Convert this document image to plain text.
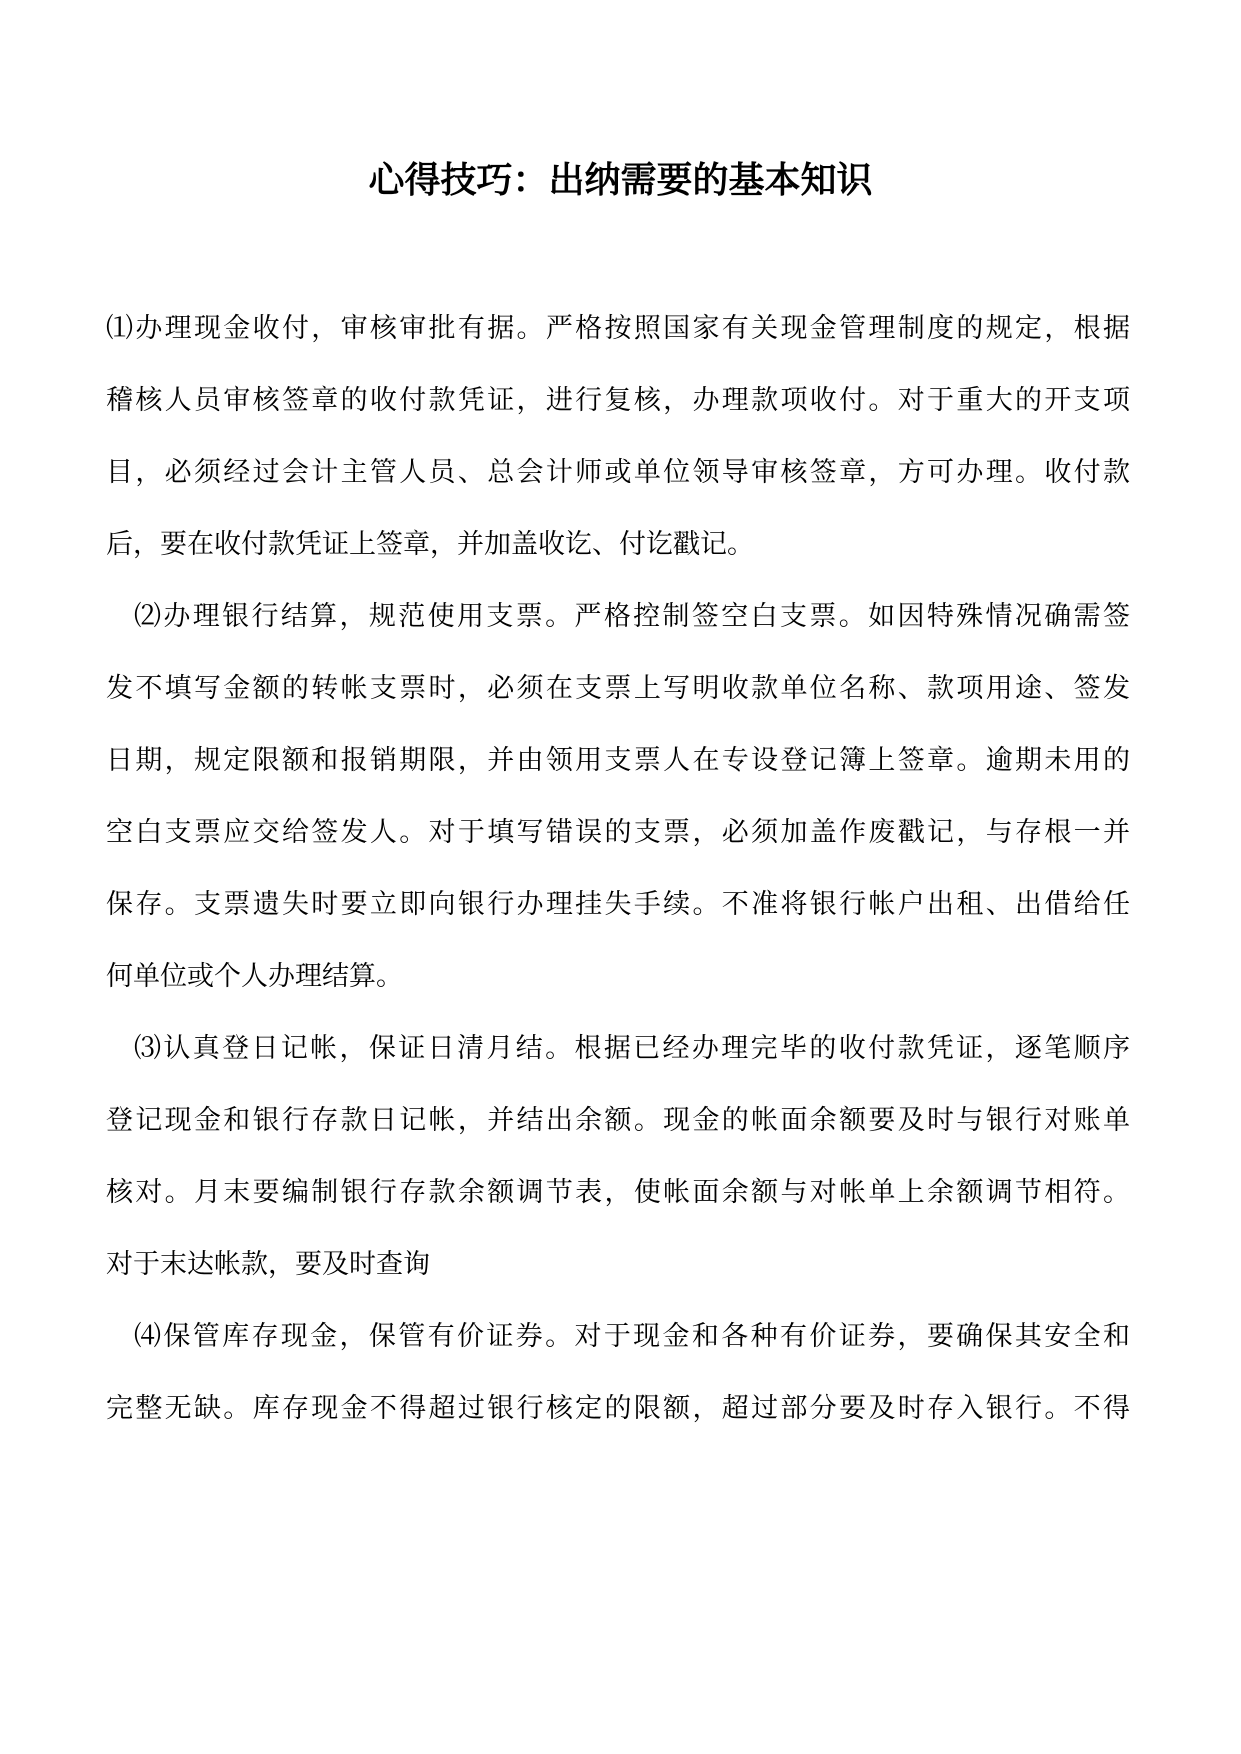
心得技巧：出纳需要的基本知识

⑴办理现金收付，审核审批有据。严格按照国家有关现金管理制度的规定，根据

稽核人员审核签章的收付款凭证，进行复核，办理款项收付。对于重大的开支项

目，必须经过会计主管人员、总会计师或单位领导审核签章，方可办理。收付款

后，要在收付款凭证上签章，并加盖收讫、付讫戳记。

⑵办理银行结算，规范使用支票。严格控制签空白支票。如因特殊情况确需签

发不填写金额的转帐支票时，必须在支票上写明收款单位名称、款项用途、签发

日期，规定限额和报销期限，并由领用支票人在专设登记簿上签章。逾期未用的

空白支票应交给签发人。对于填写错误的支票，必须加盖作废戳记，与存根一并

保存。支票遗失时要立即向银行办理挂失手续。不准将银行帐户出租、出借给任

何单位或个人办理结算。

⑶认真登日记帐，保证日清月结。根据已经办理完毕的收付款凭证，逐笔顺序

登记现金和银行存款日记帐，并结出余额。现金的帐面余额要及时与银行对账单

核对。月末要编制银行存款余额调节表，使帐面余额与对帐单上余额调节相符。

对于末达帐款，要及时查询

⑷保管库存现金，保管有价证券。对于现金和各种有价证券，要确保其安全和

完整无缺。库存现金不得超过银行核定的限额，超过部分要及时存入银行。不得
